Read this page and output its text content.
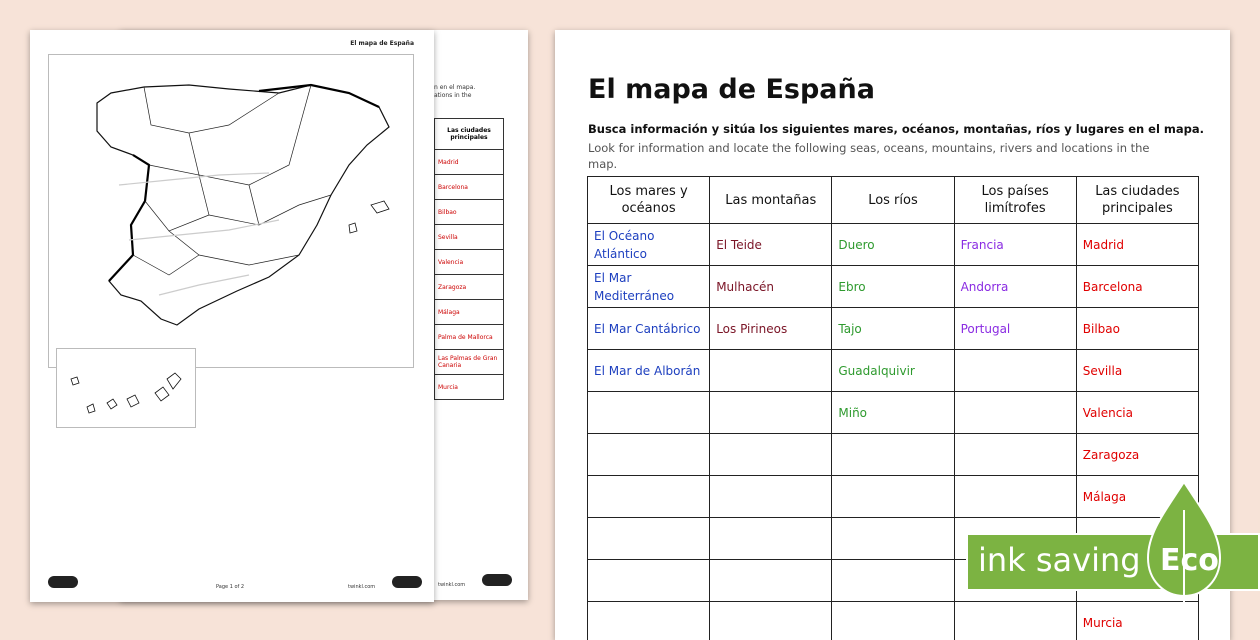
n en el mapa.
ations in the
Las ciudades principales
Madrid
Barcelona
Bilbao
Sevilla
Valencia
Zaragoza
Málaga
Palma de Mallorca
Las Palmas de Gran Canaria
Murcia
twinkl.com
El mapa de España
Page 1 of 2	twinkl.com
El mapa de España

Busca información y sitúa los siguientes mares, océanos, montañas, ríos y lugares en el mapa.

Look for information and locate the following seas, oceans, mountains, rivers and locations in the map.

Los mares y océanos	Las montañas	Los ríos	Los países limítrofes	Las ciudades principales
El Océano Atlántico	El Teide	Duero	Francia	Madrid
El Mar Mediterráneo	Mulhacén	Ebro	Andorra	Barcelona
El Mar Cantábrico	Los Pirineos	Tajo	Portugal	Bilbao
El Mar de Alborán		Guadalquivir		Sevilla
		Miño		Valencia
				Zaragoza
				Málaga

				Murcia
ink saving Eco
